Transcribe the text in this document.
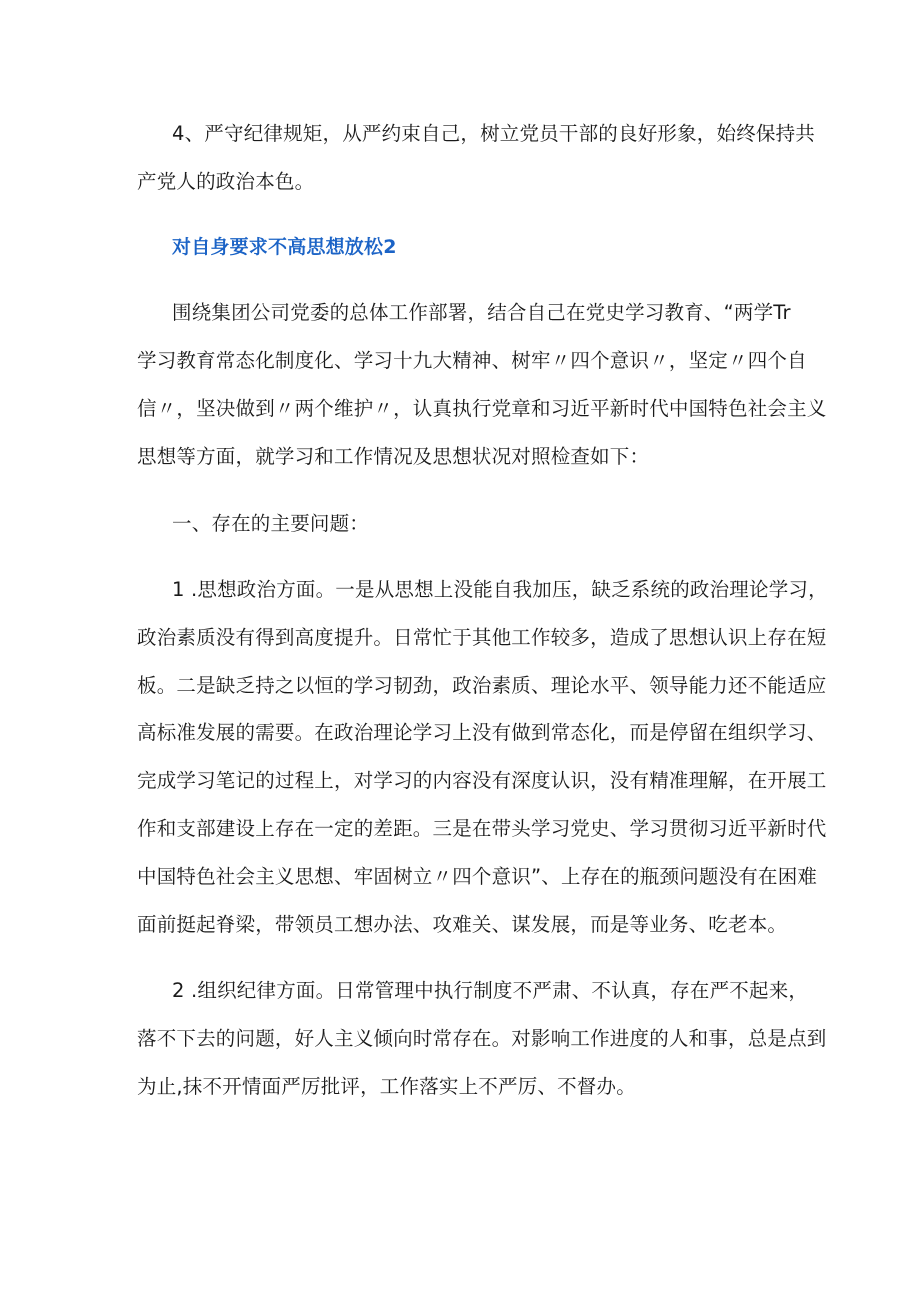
4、严守纪律规矩，从严约束自己，树立党员干部的良好形象，始终保持共
产党人的政治本色。
对自身要求不高思想放松2
围绕集团公司党委的总体工作部署，结合自己在党史学习教育、“两学Tr
学习教育常态化制度化、学习十九大精神、树牢〃四个意识〃，坚定〃四个自
信〃，坚决做到〃两个维护〃，认真执行党章和习近平新时代中国特色社会主义
思想等方面，就学习和工作情况及思想状况对照检查如下：
一、存在的主要问题：
1 .思想政治方面。一是从思想上没能自我加压，缺乏系统的政治理论学习，
政治素质没有得到高度提升。日常忙于其他工作较多，造成了思想认识上存在短
板。二是缺乏持之以恒的学习韧劲，政治素质、理论水平、领导能力还不能适应
高标准发展的需要。在政治理论学习上没有做到常态化，而是停留在组织学习、
完成学习笔记的过程上，对学习的内容没有深度认识，没有精准理解，在开展工
作和支部建设上存在一定的差距。三是在带头学习党史、学习贯彻习近平新时代
中国特色社会主义思想、牢固树立〃四个意识”、上存在的瓶颈问题没有在困难
面前挺起脊梁，带领员工想办法、攻难关、谋发展，而是等业务、吃老本。
2 .组织纪律方面。日常管理中执行制度不严肃、不认真，存在严不起来，
落不下去的问题，好人主义倾向时常存在。对影响工作进度的人和事，总是点到
为止,抹不开情面严厉批评，工作落实上不严厉、不督办。
